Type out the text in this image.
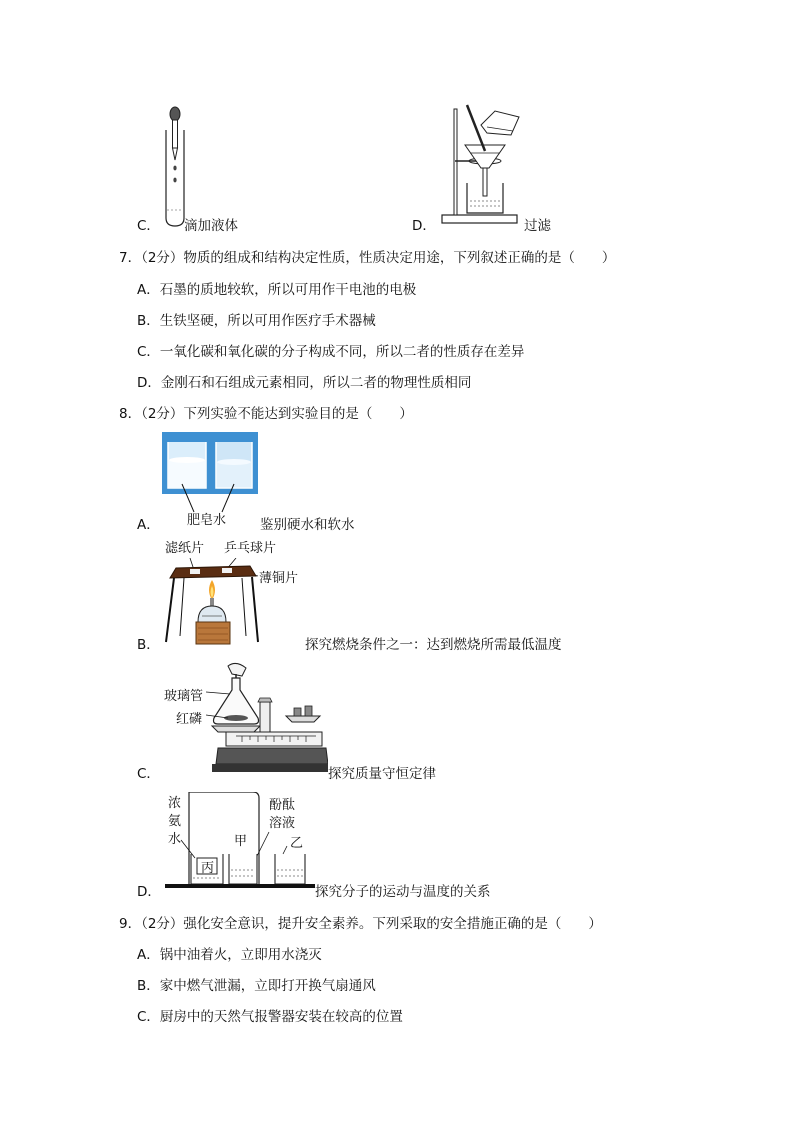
C． 滴加液体	D．	过滤
7．（2分）物质的组成和结构决定性质，性质决定用途，下列叙述正确的是（　　）
A．石墨的质地较软，所以可用作干电池的电极
B．生铁坚硬，所以可用作医疗手术器械
C．一氧化碳和氧化碳的分子构成不同，所以二者的性质存在差异
D．金刚石和石组成元素相同，所以二者的物理性质相同
8．（2分）下列实验不能达到实验目的是（　　）
A． 肥皂水	鉴别硬水和软水
滤纸片 乒乓球片
薄铜片
B．	探究燃烧条件之一：达到燃烧所需最低温度
玻璃管
红磷
C．	探究质量守恒定律
浓
氨
水
酚酞
溶液
甲	乙
丙
D．	探究分子的运动与温度的关系
9．（2分）强化安全意识，提升安全素养。下列采取的安全措施正确的是（　　）
A．锅中油着火，立即用水浇灭
B．家中燃气泄漏，立即打开换气扇通风
C．厨房中的天然气报警器安装在较高的位置
